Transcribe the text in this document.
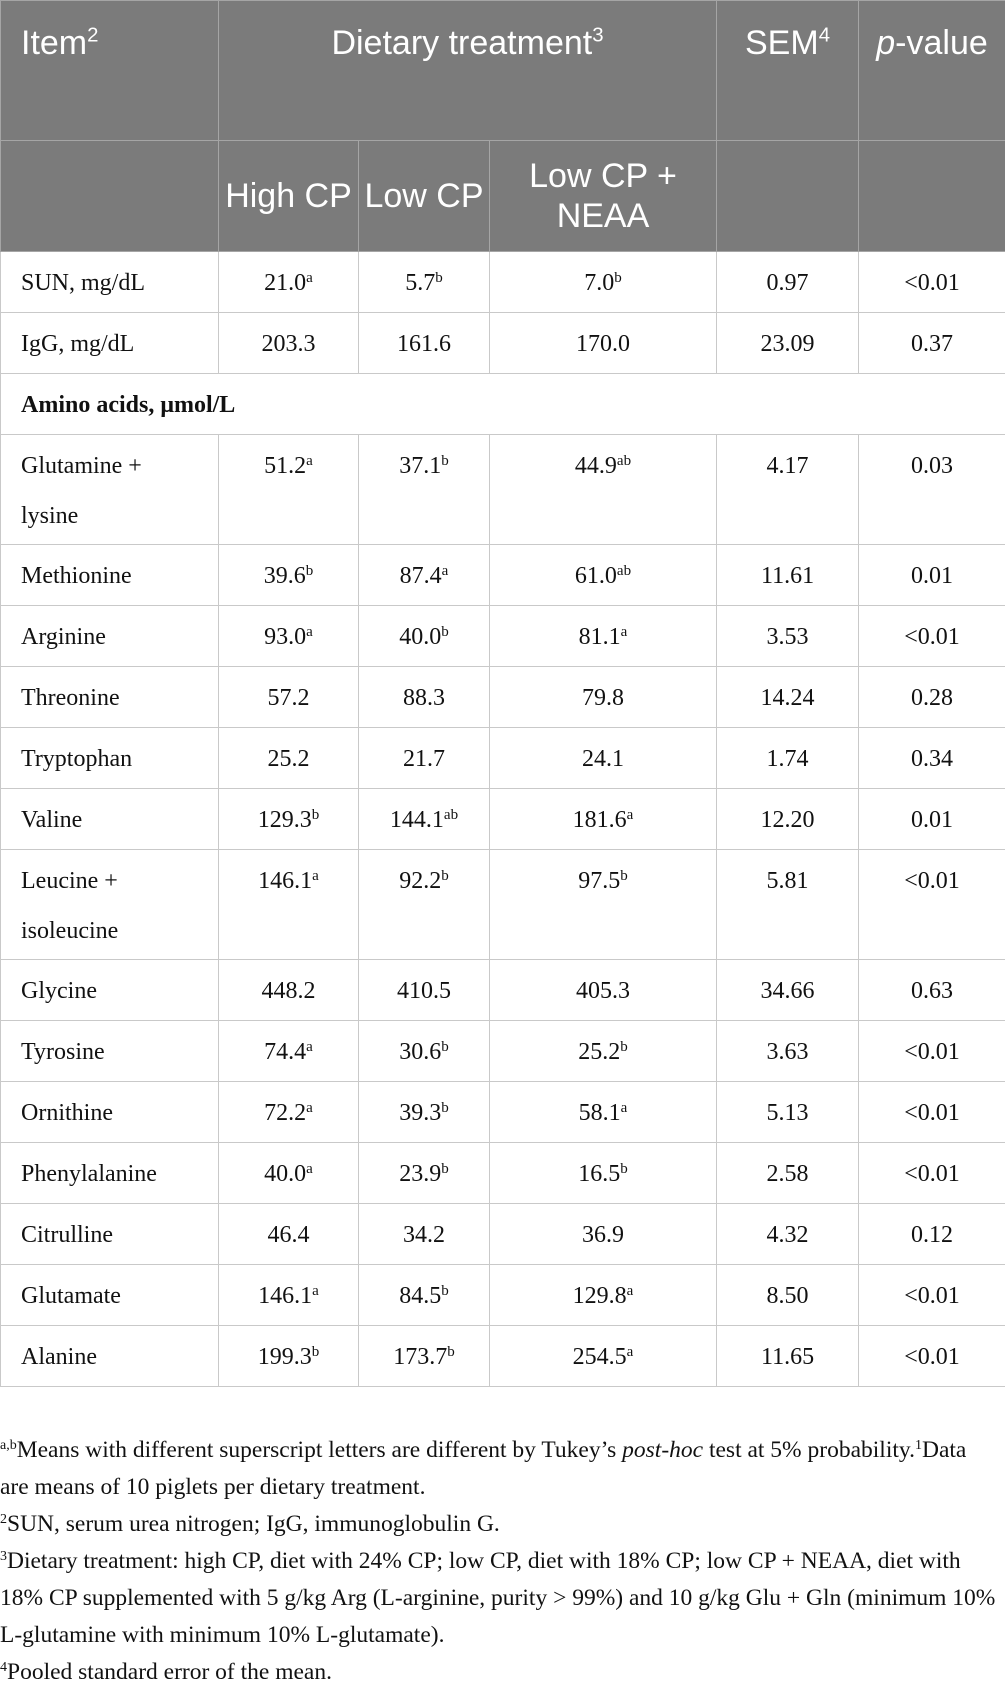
Item$^2$	Dietary treatment$^3$			SEM$^4$	p-value
	High CP	Low CP	Low CP + NEAA		
SUN, mg/dL	21.0$^a$	5.7$^b$	7.0$^b$	0.97	<0.01
IgG, mg/dL	203.3	161.6	170.0	23.09	0.37
Amino acids, μmol/L					
Glutamine + lysine	51.2$^a$	37.1$^b$	44.9$^{ab}$	4.17	0.03
Methionine	39.6$^b$	87.4$^a$	61.0$^{ab}$	11.61	0.01
Arginine	93.0$^a$	40.0$^b$	81.1$^a$	3.53	<0.01
Threonine	57.2	88.3	79.8	14.24	0.28
Tryptophan	25.2	21.7	24.1	1.74	0.34
Valine	129.3$^b$	144.1$^{ab}$	181.6$^a$	12.20	0.01
Leucine + isoleucine	146.1$^a$	92.2$^b$	97.5$^b$	5.81	<0.01
Glycine	448.2	410.5	405.3	34.66	0.63
Tyrosine	74.4$^a$	30.6$^b$	25.2$^b$	3.63	<0.01
Ornithine	72.2$^a$	39.3$^b$	58.1$^a$	5.13	<0.01
Phenylalanine	40.0$^a$	23.9$^b$	16.5$^b$	2.58	<0.01
Citrulline	46.4	34.2	36.9	4.32	0.12
Glutamate	146.1$^a$	84.5$^b$	129.8$^a$	8.50	<0.01
Alanine	199.3$^b$	173.7$^b$	254.5$^a$	11.65	<0.01

$^{a,b}$Means with different superscript letters are different by Tukey’s post-hoc test at 5% probability.$^1$Data are means of 10 piglets per dietary treatment.

$^2$SUN, serum urea nitrogen; IgG, immunoglobulin G.

$^3$Dietary treatment: high CP, diet with 24% CP; low CP, diet with 18% CP; low CP + NEAA, diet with 18% CP supplemented with 5 g/kg Arg (L-arginine, purity > 99%) and 10 g/kg Glu + Gln (minimum 10% L-glutamine with minimum 10% L-glutamate).

$^4$Pooled standard error of the mean.
